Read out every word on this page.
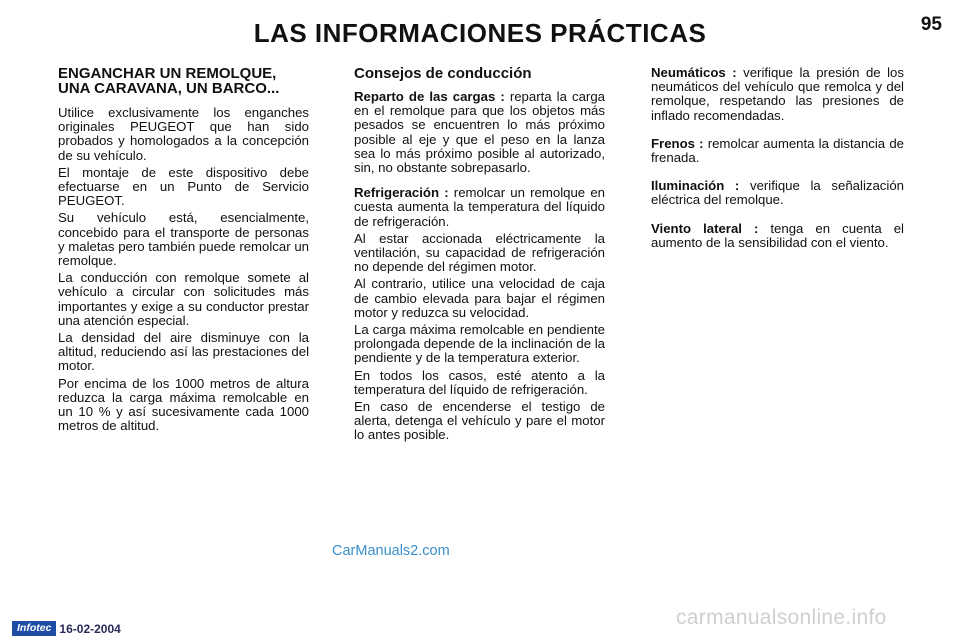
LAS INFORMACIONES PRÁCTICAS	95
ENGANCHAR UN REMOLQUE, UNA CARAVANA, UN BARCO...

Utilice exclusivamente los enganches originales PEUGEOT que han sido probados y homologados a la concepción de su vehículo.

El montaje de este dispositivo debe efectuarse en un Punto de Servicio PEUGEOT.

Su vehículo está, esencialmente, concebido para el transporte de personas y maletas pero también puede remolcar un remolque.

La conducción con remolque somete al vehículo a circular con solicitudes más importantes y exige a su conductor prestar una atención especial.

La densidad del aire disminuye con la altitud, reduciendo así las prestaciones del motor.

Por encima de los 1000 metros de altura reduzca la carga máxima remolcable en un 10 % y así sucesivamente cada 1000 metros de altitud.

Consejos de conducción

Reparto de las cargas : reparta la carga en el remolque para que los objetos más pesados se encuentren lo más próximo posible al eje y que el peso en la lanza sea lo más próximo posible al autorizado, sin, no obstante sobrepasarlo.

Refrigeración : remolcar un remolque en cuesta aumenta la temperatura del líquido de refrigeración.

Al estar accionada eléctricamente la ventilación, su capacidad de refrigeración no depende del régimen motor.

Al contrario, utilice una velocidad de caja de cambio elevada para bajar el régimen motor y reduzca su velocidad.

La carga máxima remolcable en pendiente prolongada depende de la inclinación de la pendiente y de la temperatura exterior.

En todos los casos, esté atento a la temperatura del líquido de refrigeración.

En caso de encenderse el testigo de alerta, detenga el vehículo y pare el motor lo antes posible.

Neumáticos : verifique la presión de los neumáticos del vehículo que remolca y del remolque, respetando las presiones de inflado recomendadas.

Frenos : remolcar aumenta la distancia de frenada.

Iluminación : verifique la señalización eléctrica del remolque.

Viento lateral : tenga en cuenta el aumento de la sensibilidad con el viento.

CarManuals2.com
carmanualsonline.info
Infotec 16-02-2004
